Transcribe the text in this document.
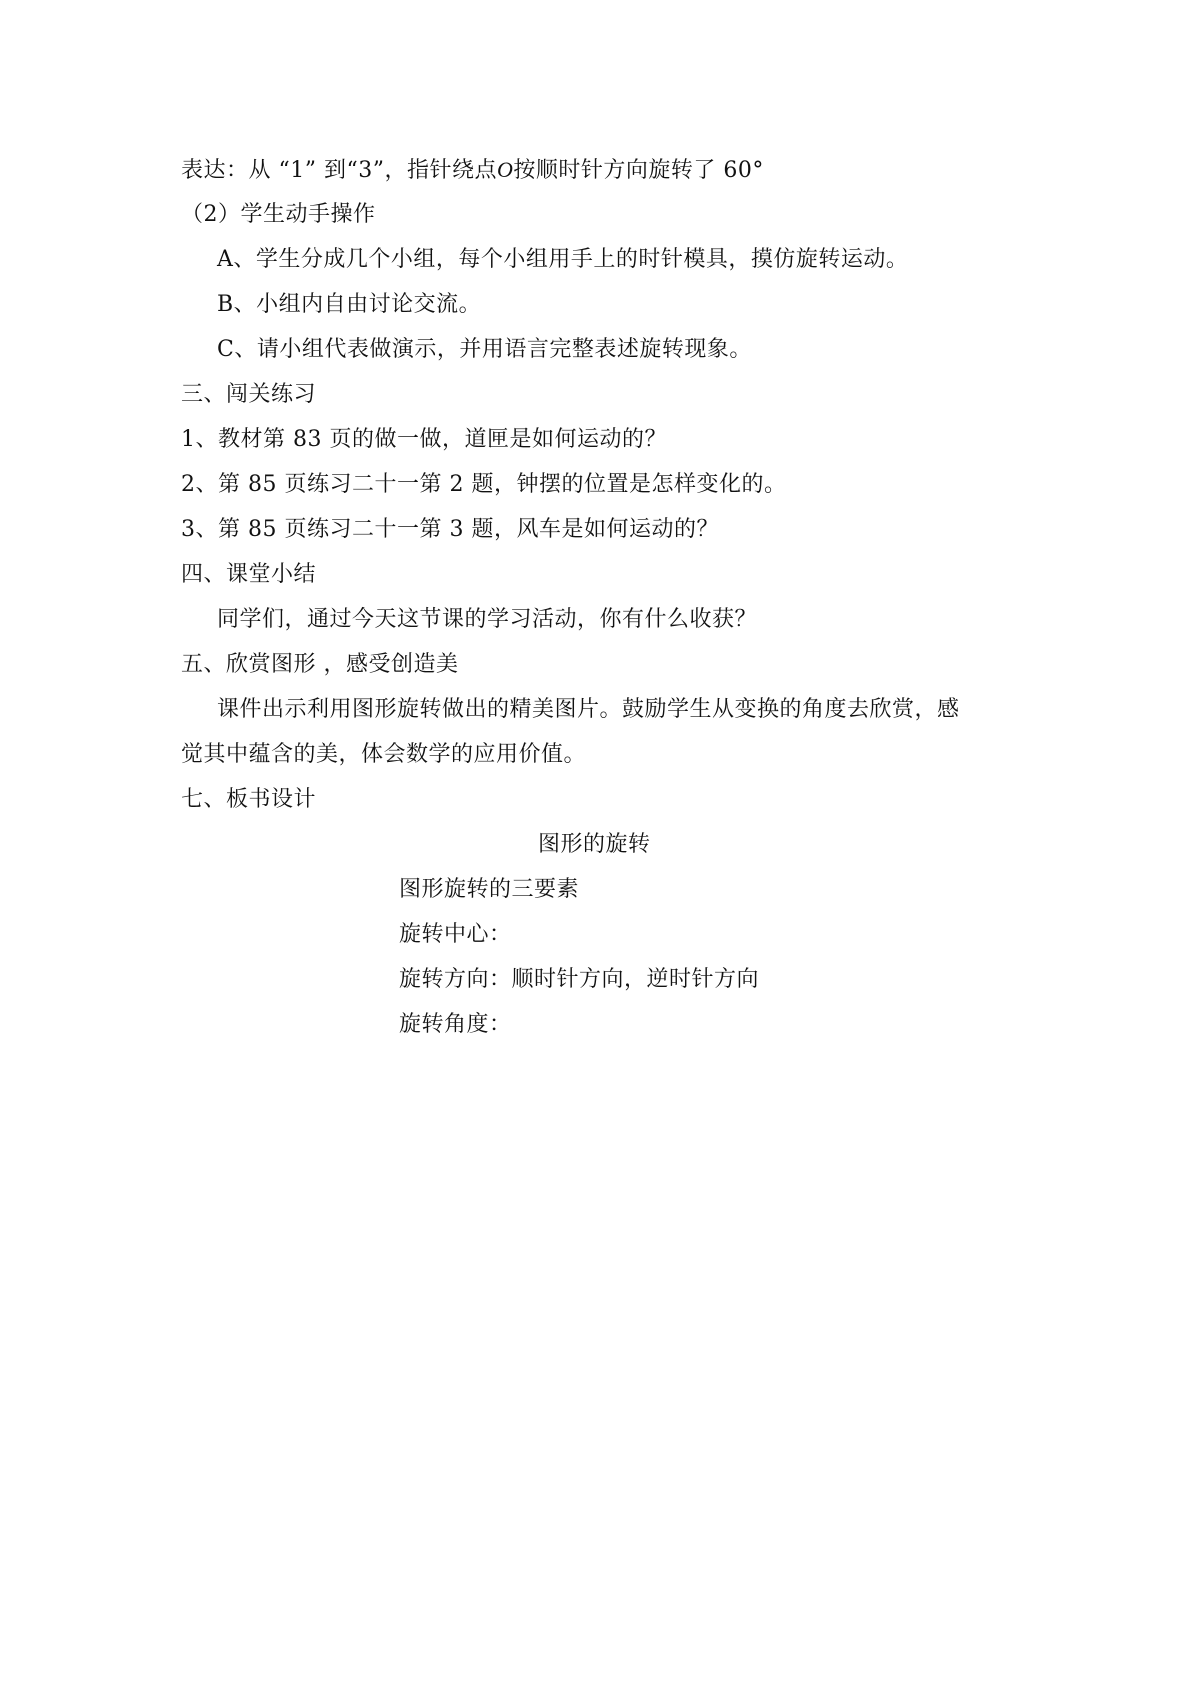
表达：从 “1” 到“3”，指针绕点O按顺时针方向旋转了 60°
（2）学生动手操作
A、学生分成几个小组，每个小组用手上的时针模具，摸仿旋转运动。
B、小组内自由讨论交流。
C、请小组代表做演示，并用语言完整表述旋转现象。
三、闯关练习
1、教材第 83 页的做一做，道匣是如何运动的？
2、第 85 页练习二十一第 2 题，钟摆的位置是怎样变化的。
3、第 85 页练习二十一第 3 题，风车是如何运动的？
四、课堂小结
同学们，通过今天这节课的学习活动，你有什么收获？
五、欣赏图形 ，感受创造美
课件出示利用图形旋转做出的精美图片。鼓励学生从变换的角度去欣赏，感
觉其中蕴含的美，体会数学的应用价值。
七、板书设计
图形的旋转
图形旋转的三要素
旋转中心：
旋转方向：顺时针方向，逆时针方向
旋转角度：
